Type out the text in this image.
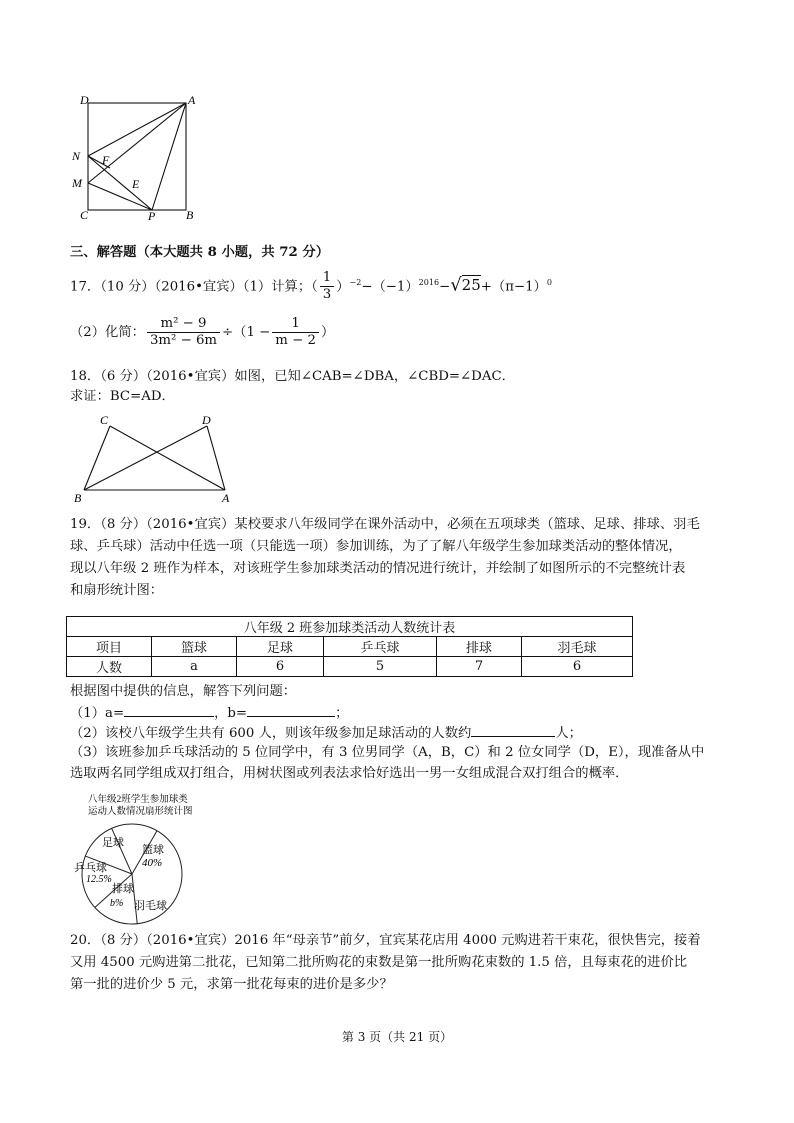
D	A
N F
M	E
C	P	B
三、解答题（本大题共 8 小题，共 72 分）
17．（10 分）（2016•宜宾）（1）计算；（ $\frac{1}{3} )^{-2}-(-1)^{2016}-√25+(\pi-1)^0$
（2）化简： $\frac{\text{m² − 9}}{\text{3m² − 6m}} \div(1 - \frac{1}{m - 2}$ ）
18．（6 分）（2016•宜宾）如图，已知∠CAB=∠DBA，∠CBD=∠DAC．
求证：BC=AD．
C	D
B	A
19．（8 分）（2016•宜宾）某校要求八年级同学在课外活动中，必须在五项球类（篮球、足球、排球、羽毛
球、乒乓球）活动中任选一项（只能选一项）参加训练，为了了解八年级学生参加球类活动的整体情况，
现以八年级 2 班作为样本，对该班学生参加球类活动的情况进行统计，并绘制了如图所示的不完整统计表
和扇形统计图：
八年级 2 班参加球类活动人数统计表					
项目	篮球	足球	乒乓球	排球	羽毛球
人数	a	6	5	7	6
根据图中提供的信息，解答下列问题：
（1）a=	，b=	；
（2）该校八年级学生共有 600 人，则该年级参加足球活动的人数约	人；
（3）该班参加乒乓球活动的 5 位同学中，有 3 位男同学（A，B，C）和 2 位女同学（D，E），现准备从中
选取两名同学组成双打组合，用树状图或列表法求恰好选出一男一女组成混合双打组合的概率．
八年级2班学生参加球类
运动人数情况扇形统计图
足球
篮球
40%
乒乓球
12.5%
排球
b% 羽毛球
20．（8 分）（2016•宜宾）2016 年“母亲节”前夕，宜宾某花店用 4000 元购进若干束花，很快售完，接着
又用 4500 元购进第二批花，已知第二批所购花的束数是第一批所购花束数的 1.5 倍，且每束花的进价比
第一批的进价少 5 元，求第一批花每束的进价是多少？
第 3 页（共 21 页）
